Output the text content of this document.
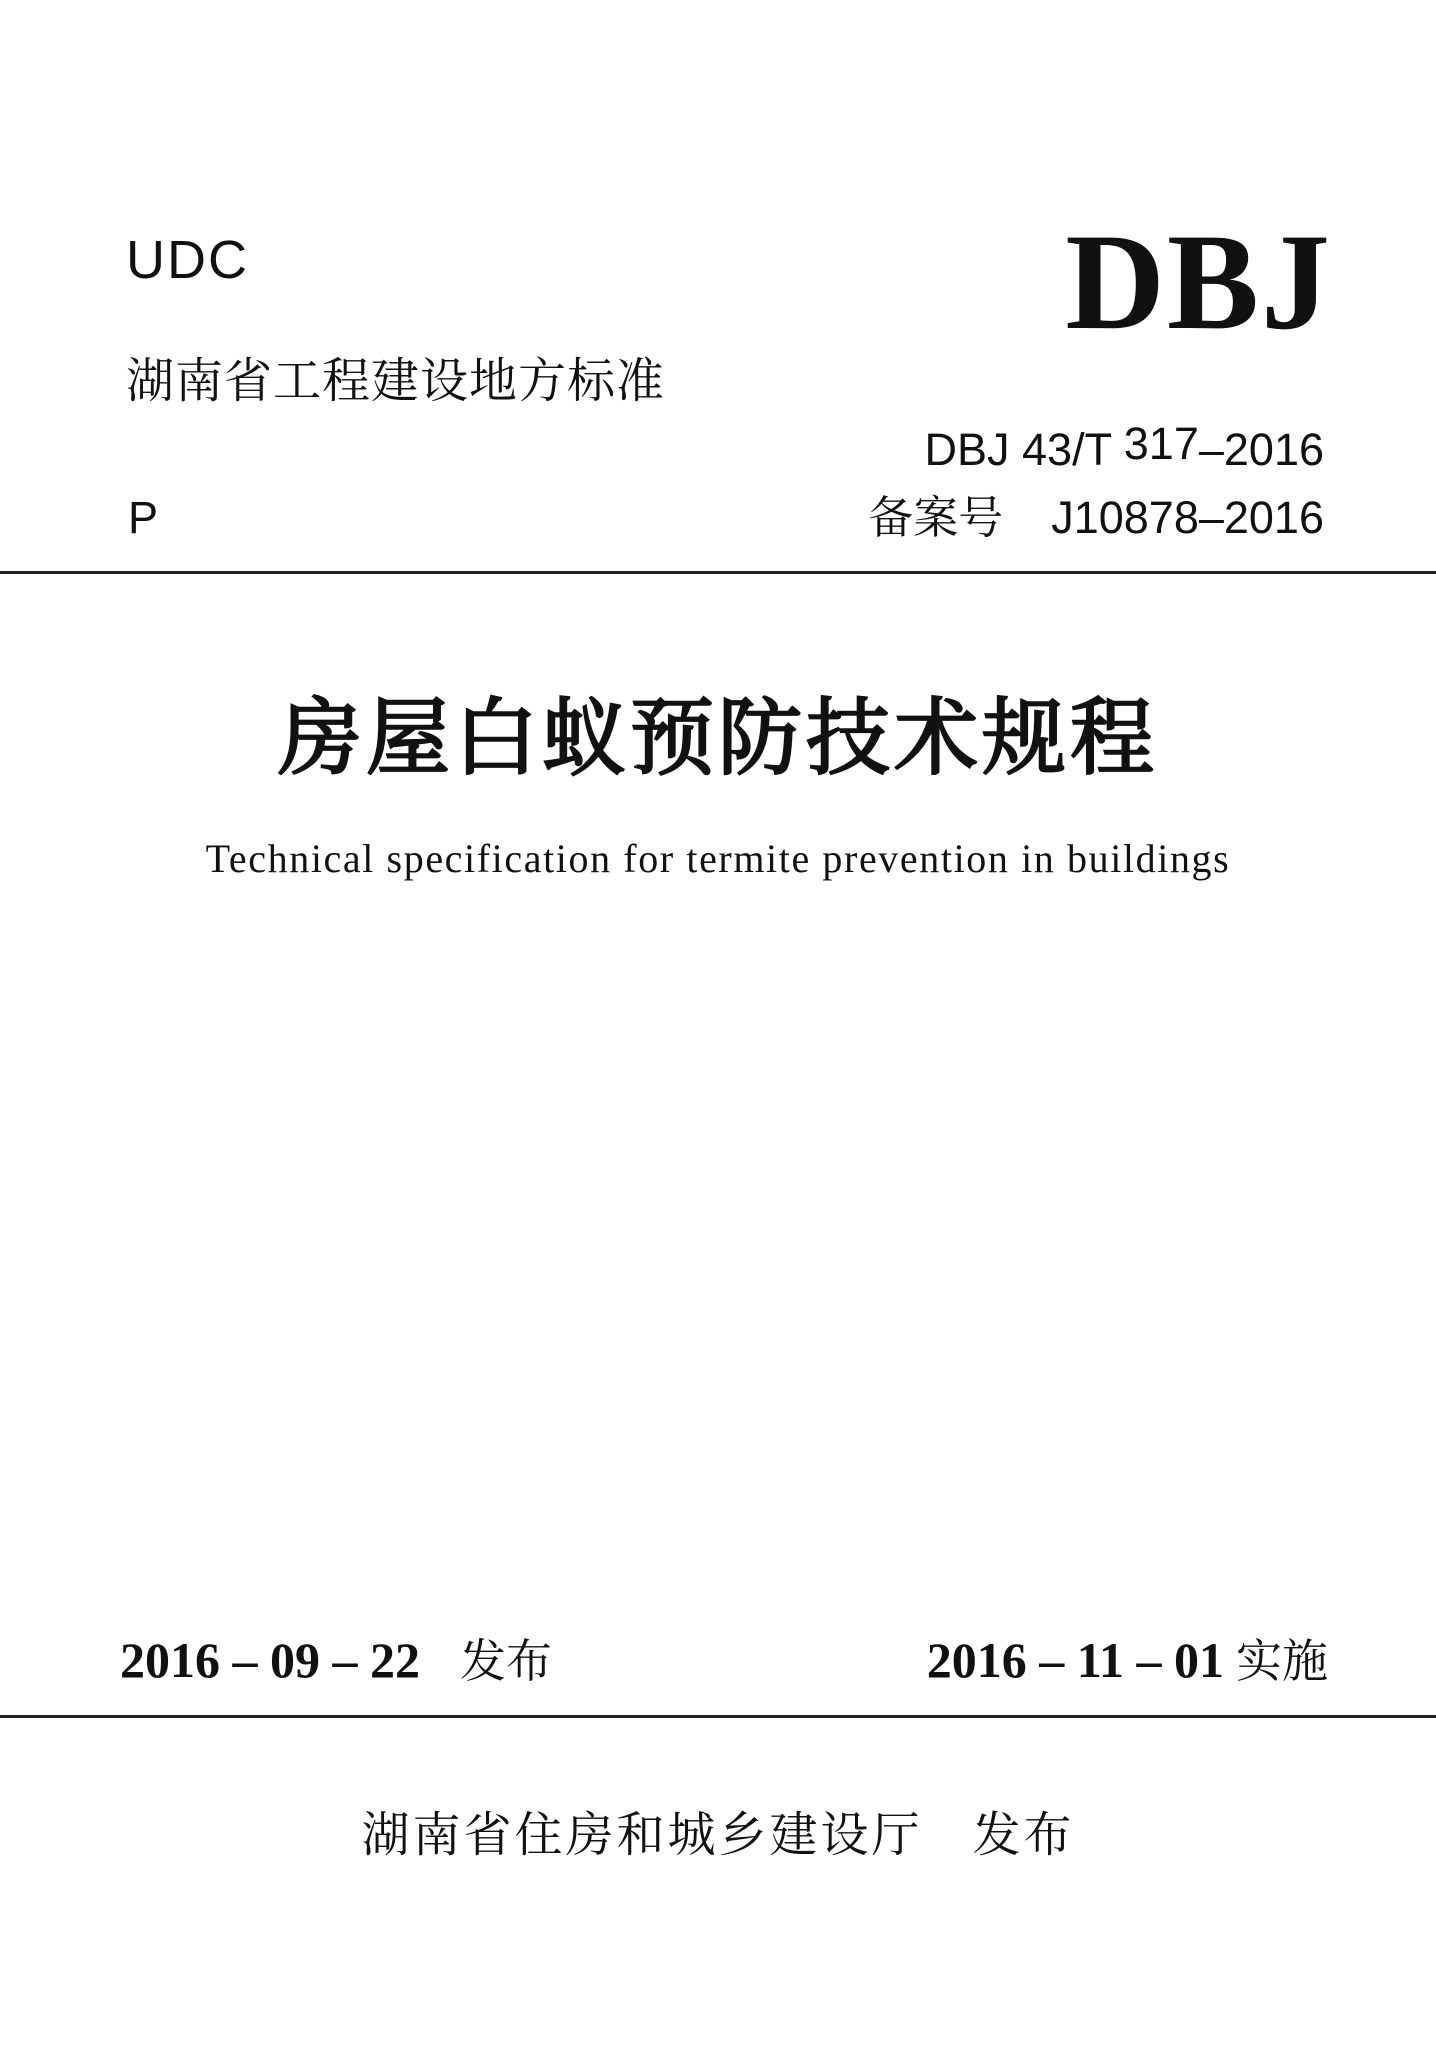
UDC	DBJ
湖南省工程建设地方标准
DBJ 43/T 317–2016
P	备案号 J10878–2016
房屋白蚁预防技术规程
Technical specification for termite prevention in buildings
2016 – 09 – 22 发布	2016 – 11 – 01 实施
湖南省住房和城乡建设厅 发布
